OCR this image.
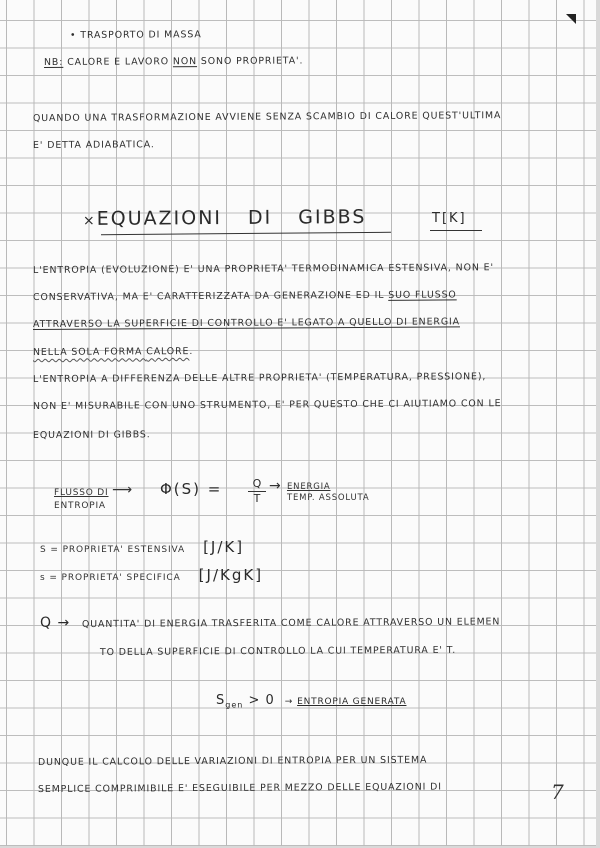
• TRASPORTO DI MASSA
NB: CALORE E LAVORO NON SONO PROPRIETA'.
QUANDO UNA TRASFORMAZIONE AVVIENE SENZA SCAMBIO DI CALORE QUEST'ULTIMA
E' DETTA ADIABATICA.
×EQUAZIONI DI GIBBS	T[K]
L'ENTROPIA (EVOLUZIONE) E' UNA PROPRIETA' TERMODINAMICA ESTENSIVA, NON E'
CONSERVATIVA, MA E' CARATTERIZZATA DA GENERAZIONE ED IL SUO FLUSSO
ATTRAVERSO LA SUPERFICIE DI CONTROLLO E' LEGATO A QUELLO DI ENERGIA
NELLA SOLA FORMA CALORE.
L'ENTROPIA A DIFFERENZA DELLE ALTRE PROPRIETA' (TEMPERATURA, PRESSIONE),
NON E' MISURABILE CON UNO STRUMENTO, E' PER QUESTO CHE CI AIUTIAMO CON LE
EQUAZIONI DI GIBBS.
FLUSSO DI
ENTROPIA
⟶ $\Phi(S) = \frac{Q}{T}$ → ENERGIA
TEMP. ASSOLUTA
S = PROPRIETA' ESTENSIVA [J/K]
s = PROPRIETA' SPECIFICA [J/KgK]
Q → QUANTITA' DI ENERGIA TRASFERITA COME CALORE ATTRAVERSO UN ELEMEN
TO DELLA SUPERFICIE DI CONTROLLO LA CUI TEMPERATURA E' T.
$S_{gen} > 0$ → ENTROPIA GENERATA
DUNQUE IL CALCOLO DELLE VARIAZIONI DI ENTROPIA PER UN SISTEMA
SEMPLICE COMPRIMIBILE E' ESEGUIBILE PER MEZZO DELLE EQUAZIONI DI	7
